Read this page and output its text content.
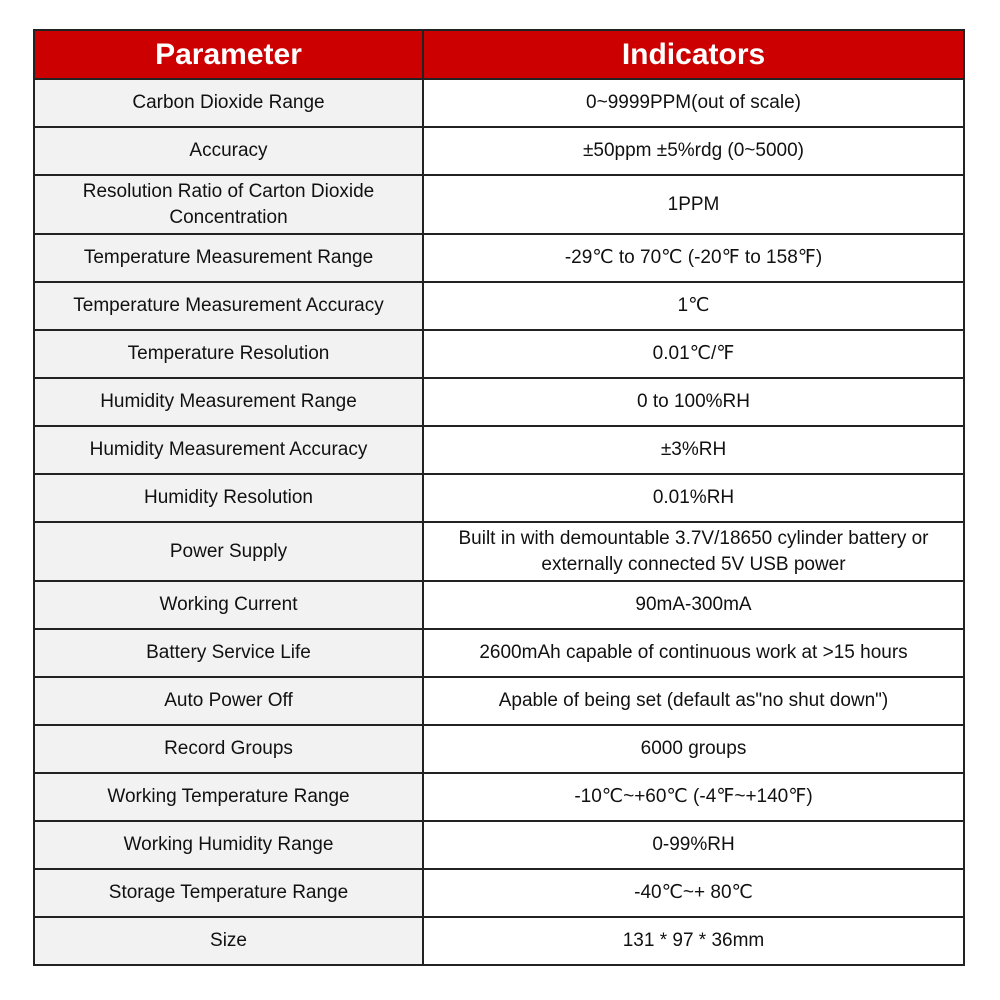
Parameter	Indicators
Carbon Dioxide Range	0~9999PPM(out of scale)
Accuracy	±50ppm ±5%rdg (0~5000)
Resolution Ratio of Carton Dioxide Concentration	1PPM
Temperature Measurement Range	-29℃ to 70℃ (-20℉ to 158℉)
Temperature Measurement Accuracy	1℃
Temperature Resolution	0.01℃/℉
Humidity Measurement Range	0 to 100%RH
Humidity Measurement Accuracy	±3%RH
Humidity Resolution	0.01%RH
Power Supply	Built in with demountable 3.7V/18650 cylinder battery or externally connected 5V USB power
Working Current	90mA-300mA
Battery Service Life	2600mAh capable of continuous work at >15 hours
Auto Power Off	Apable of being set (default as"no shut down")
Record Groups	6000 groups
Working Temperature Range	-10℃~+60℃ (-4℉~+140℉)
Working Humidity Range	0-99%RH
Storage Temperature Range	-40℃~+ 80℃
Size	131 * 97 * 36mm
